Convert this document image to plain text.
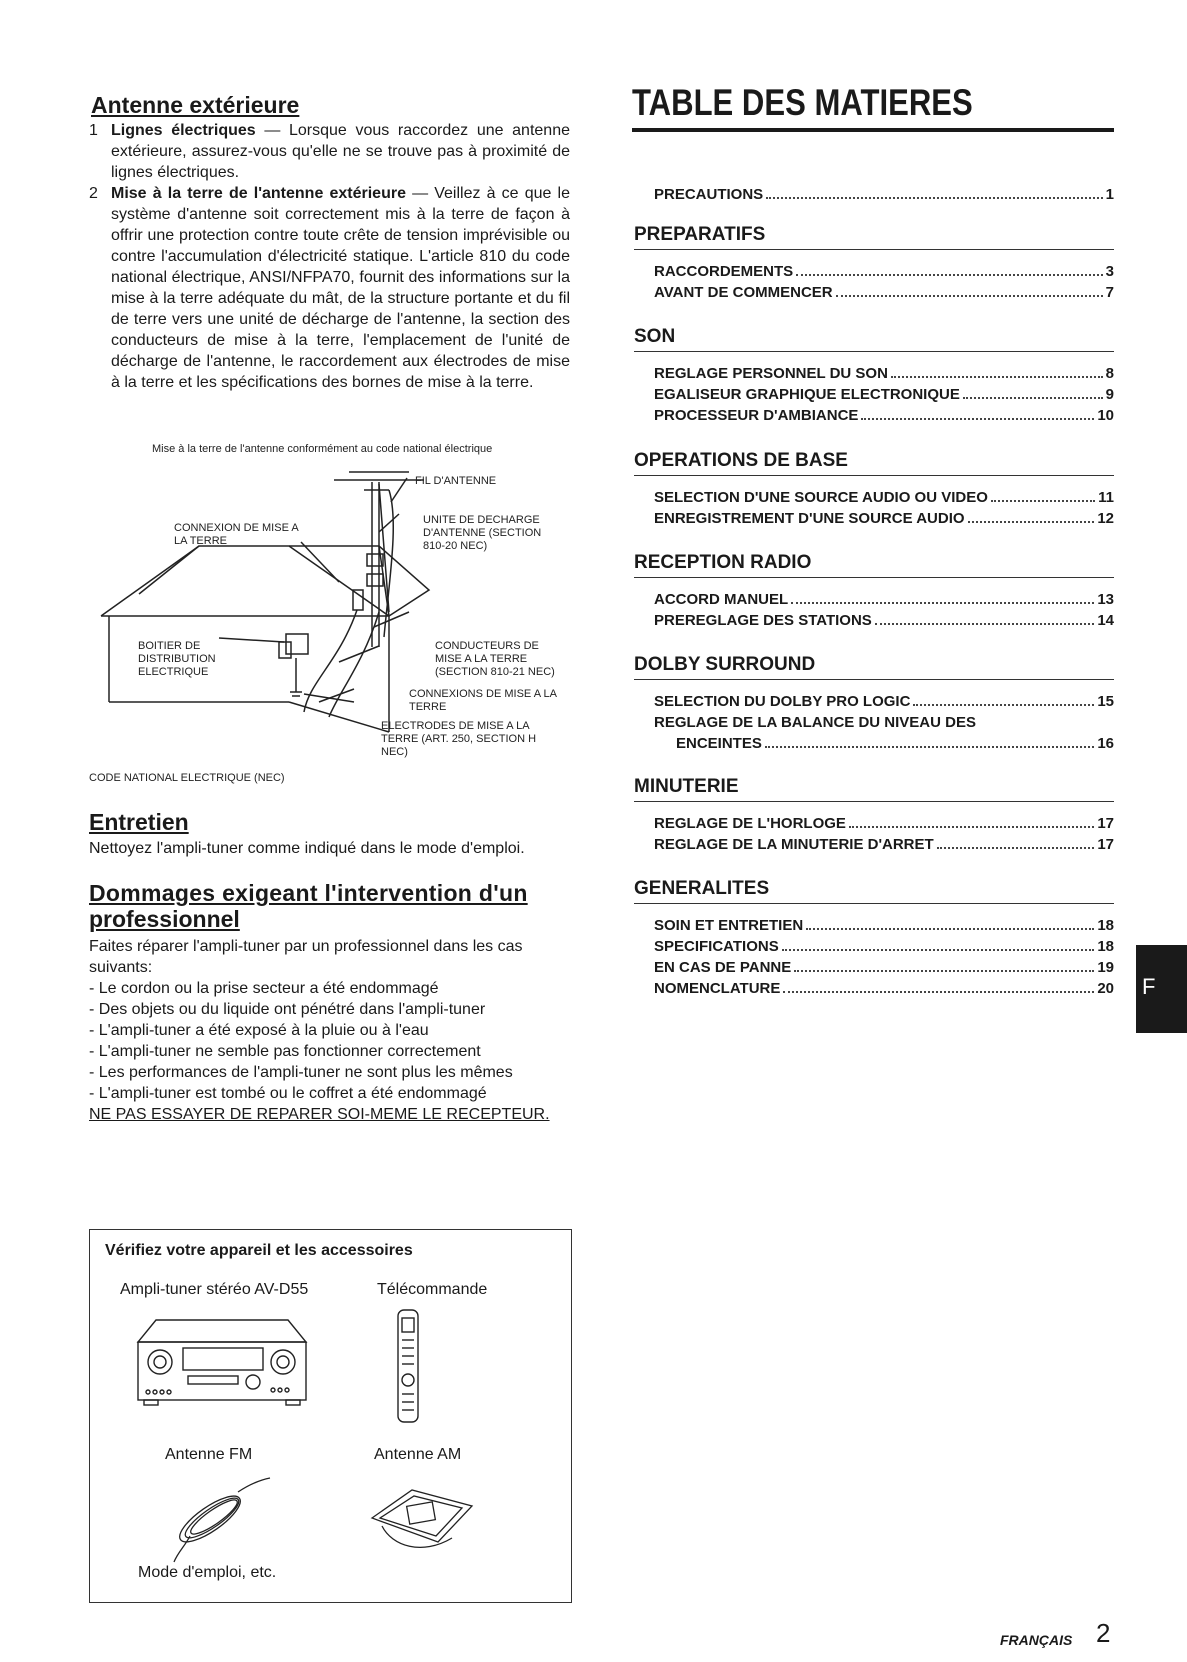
Antenne extérieure

1 Lignes électriques — Lorsque vous raccordez une antenne extérieure, assurez-vous qu'elle ne se trouve pas à proximité de lignes électriques.

2 Mise à la terre de l'antenne extérieure — Veillez à ce que le système d'antenne soit correctement mis à la terre de façon à offrir une protection contre toute crête de tension imprévisible ou contre l'accumulation d'électricité statique. L'article 810 du code national électrique, ANSI/NFPA70, fournit des informations sur la mise à la terre adéquate du mât, de la structure portante et du fil de terre vers une unité de décharge de l'antenne, la section des conducteurs de mise à la terre, l'emplacement de l'unité de décharge de l'antenne, le raccordement aux électrodes de mise à la terre et les spécifications des bornes de mise à la terre.

Mise à la terre de l'antenne conformément au code national électrique
FIL D'ANTENNE
CONNEXION DE MISE A
LA TERRE
UNITE DE DECHARGE
D'ANTENNE (SECTION
810-20 NEC)
BOITIER DE
DISTRIBUTION
ELECTRIQUE
CONDUCTEURS DE
MISE A LA TERRE
(SECTION 810-21 NEC)
CONNEXIONS DE MISE A LA
TERRE
ELECTRODES DE MISE A LA
TERRE (ART. 250, SECTION H
NEC)
CODE NATIONAL ELECTRIQUE (NEC)
Entretien
Nettoyez l'ampli-tuner comme indiqué dans le mode d'emploi.
Dommages exigeant l'intervention d'un
professionnel
Faites réparer l'ampli-tuner par un professionnel dans les cas suivants:
- Le cordon ou la prise secteur a été endommagé
- Des objets ou du liquide ont pénétré dans l'ampli-tuner
- L'ampli-tuner a été exposé à la pluie ou à l'eau
- L'ampli-tuner ne semble pas fonctionner correctement
- Les performances de l'ampli-tuner ne sont plus les mêmes
- L'ampli-tuner est tombé ou le coffret a été endommagé
NE PAS ESSAYER DE REPARER SOI-MEME LE RECEPTEUR.
Vérifiez votre appareil et les accessoires
Ampli-tuner stéréo AV-D55	Télécommande
Antenne FM	Antenne AM
Mode d'emploi, etc.
TABLE DES MATIERES
PRECAUTIONS	1
PREPARATIFS
RACCORDEMENTS	3
AVANT DE COMMENCER	7
SON
REGLAGE PERSONNEL DU SON	8
EGALISEUR GRAPHIQUE ELECTRONIQUE	9
PROCESSEUR D'AMBIANCE	10
OPERATIONS DE BASE
SELECTION D'UNE SOURCE AUDIO OU VIDEO	11
ENREGISTREMENT D'UNE SOURCE AUDIO	12
RECEPTION RADIO
ACCORD MANUEL	13
PREREGLAGE DES STATIONS	14
DOLBY SURROUND
SELECTION DU DOLBY PRO LOGIC	15
REGLAGE DE LA BALANCE DU NIVEAU DES
ENCEINTES	16
MINUTERIE
REGLAGE DE L'HORLOGE	17
REGLAGE DE LA MINUTERIE D'ARRET	17
GENERALITES
SOIN ET ENTRETIEN	18
SPECIFICATIONS	18
EN CAS DE PANNE	19
NOMENCLATURE	20 F
FRANÇAIS 2
